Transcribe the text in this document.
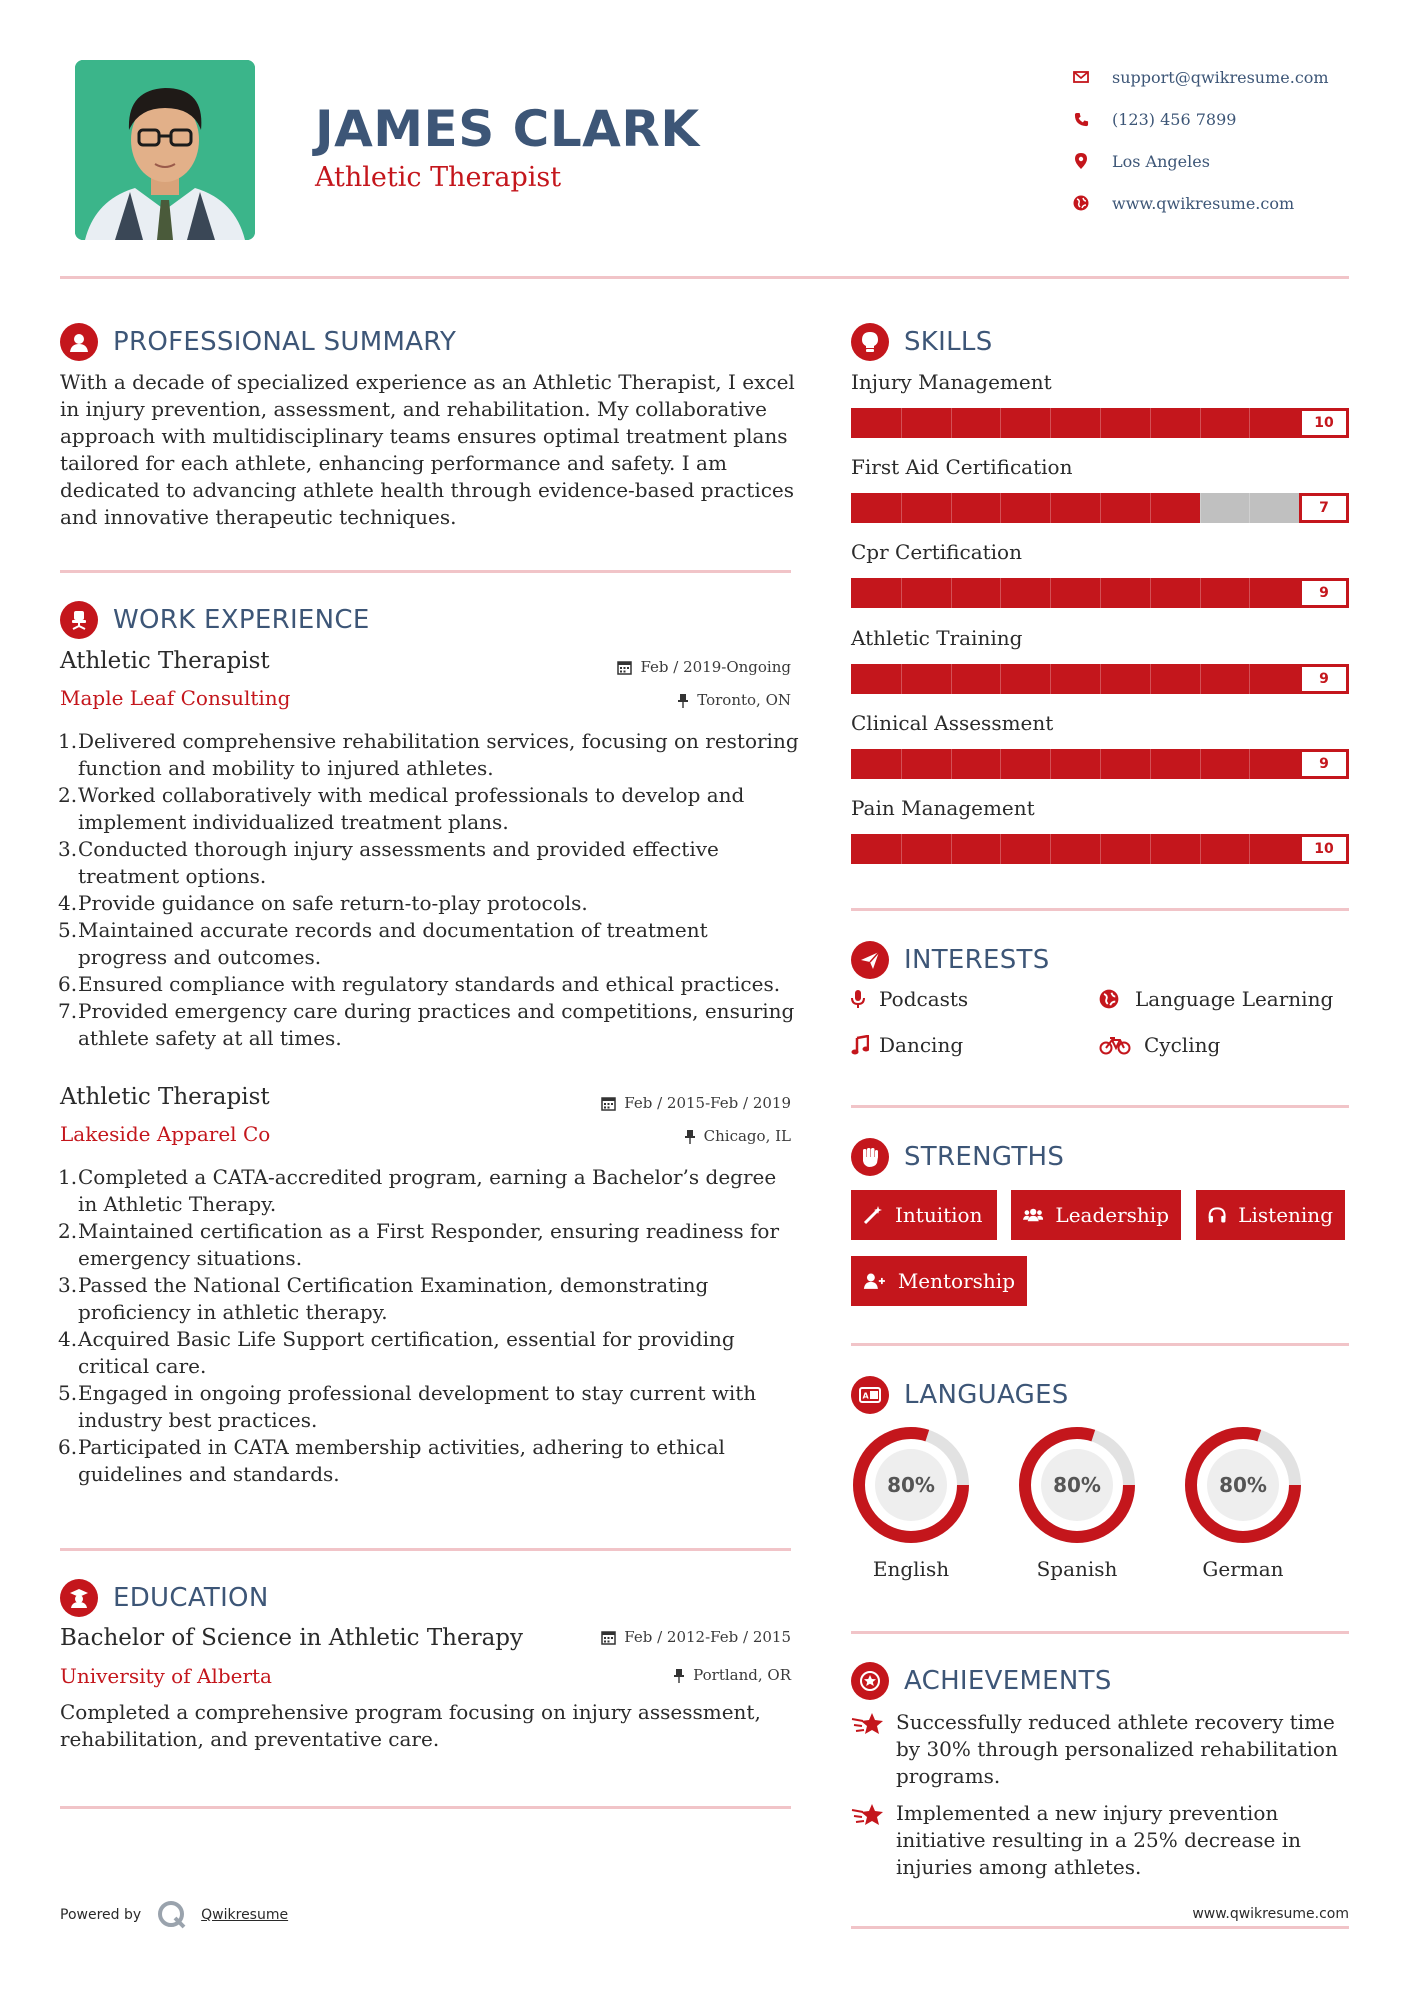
JAMES CLARK
Athletic Therapist
support@qwikresume.com
(123) 456 7899
Los Angeles
www.qwikresume.com
PROFESSIONAL SUMMARY
With a decade of specialized experience as an Athletic Therapist, I excel in injury prevention, assessment, and rehabilitation. My collaborative approach with multidisciplinary teams ensures optimal treatment plans tailored for each athlete, enhancing performance and safety. I am dedicated to advancing athlete health through evidence-based practices and innovative therapeutic techniques.
WORK EXPERIENCE
Athletic Therapist
Maple Leaf Consulting
Feb / 2019-Ongoing
Toronto, ON
1. Delivered comprehensive rehabilitation services, focusing on restoring function and mobility to injured athletes.
2. Worked collaboratively with medical professionals to develop and implement individualized treatment plans.
3. Conducted thorough injury assessments and provided effective treatment options.
4. Provide guidance on safe return-to-play protocols.
5. Maintained accurate records and documentation of treatment progress and outcomes.
6. Ensured compliance with regulatory standards and ethical practices.
7. Provided emergency care during practices and competitions, ensuring athlete safety at all times.
Athletic Therapist
Lakeside Apparel Co
Feb / 2015-Feb / 2019
Chicago, IL
1. Completed a CATA-accredited program, earning a Bachelor’s degree in Athletic Therapy.
2. Maintained certification as a First Responder, ensuring readiness for emergency situations.
3. Passed the National Certification Examination, demonstrating proficiency in athletic therapy.
4. Acquired Basic Life Support certification, essential for providing critical care.
5. Engaged in ongoing professional development to stay current with industry best practices.
6. Participated in CATA membership activities, adhering to ethical guidelines and standards.
EDUCATION
Bachelor of Science in Athletic Therapy
University of Alberta
Feb / 2012-Feb / 2015
Portland, OR
Completed a comprehensive program focusing on injury assessment, rehabilitation, and preventative care.
SKILLS
Injury Management
10
First Aid Certification
7
Cpr Certification
9
Athletic Training
9
Clinical Assessment
9
Pain Management
10
INTERESTS
Podcasts	Language Learning
Dancing	Cycling
STRENGTHS
Intuition	Leadership	Listening
Mentorship
A LANGUAGES
80%
English
80%
Spanish
80%
German
ACHIEVEMENTS
Successfully reduced athlete recovery time by 30% through personalized rehabilitation programs.
Implemented a new injury prevention initiative resulting in a 25% decrease in injuries among athletes.
Powered by	Qwikresume	www.qwikresume.com
